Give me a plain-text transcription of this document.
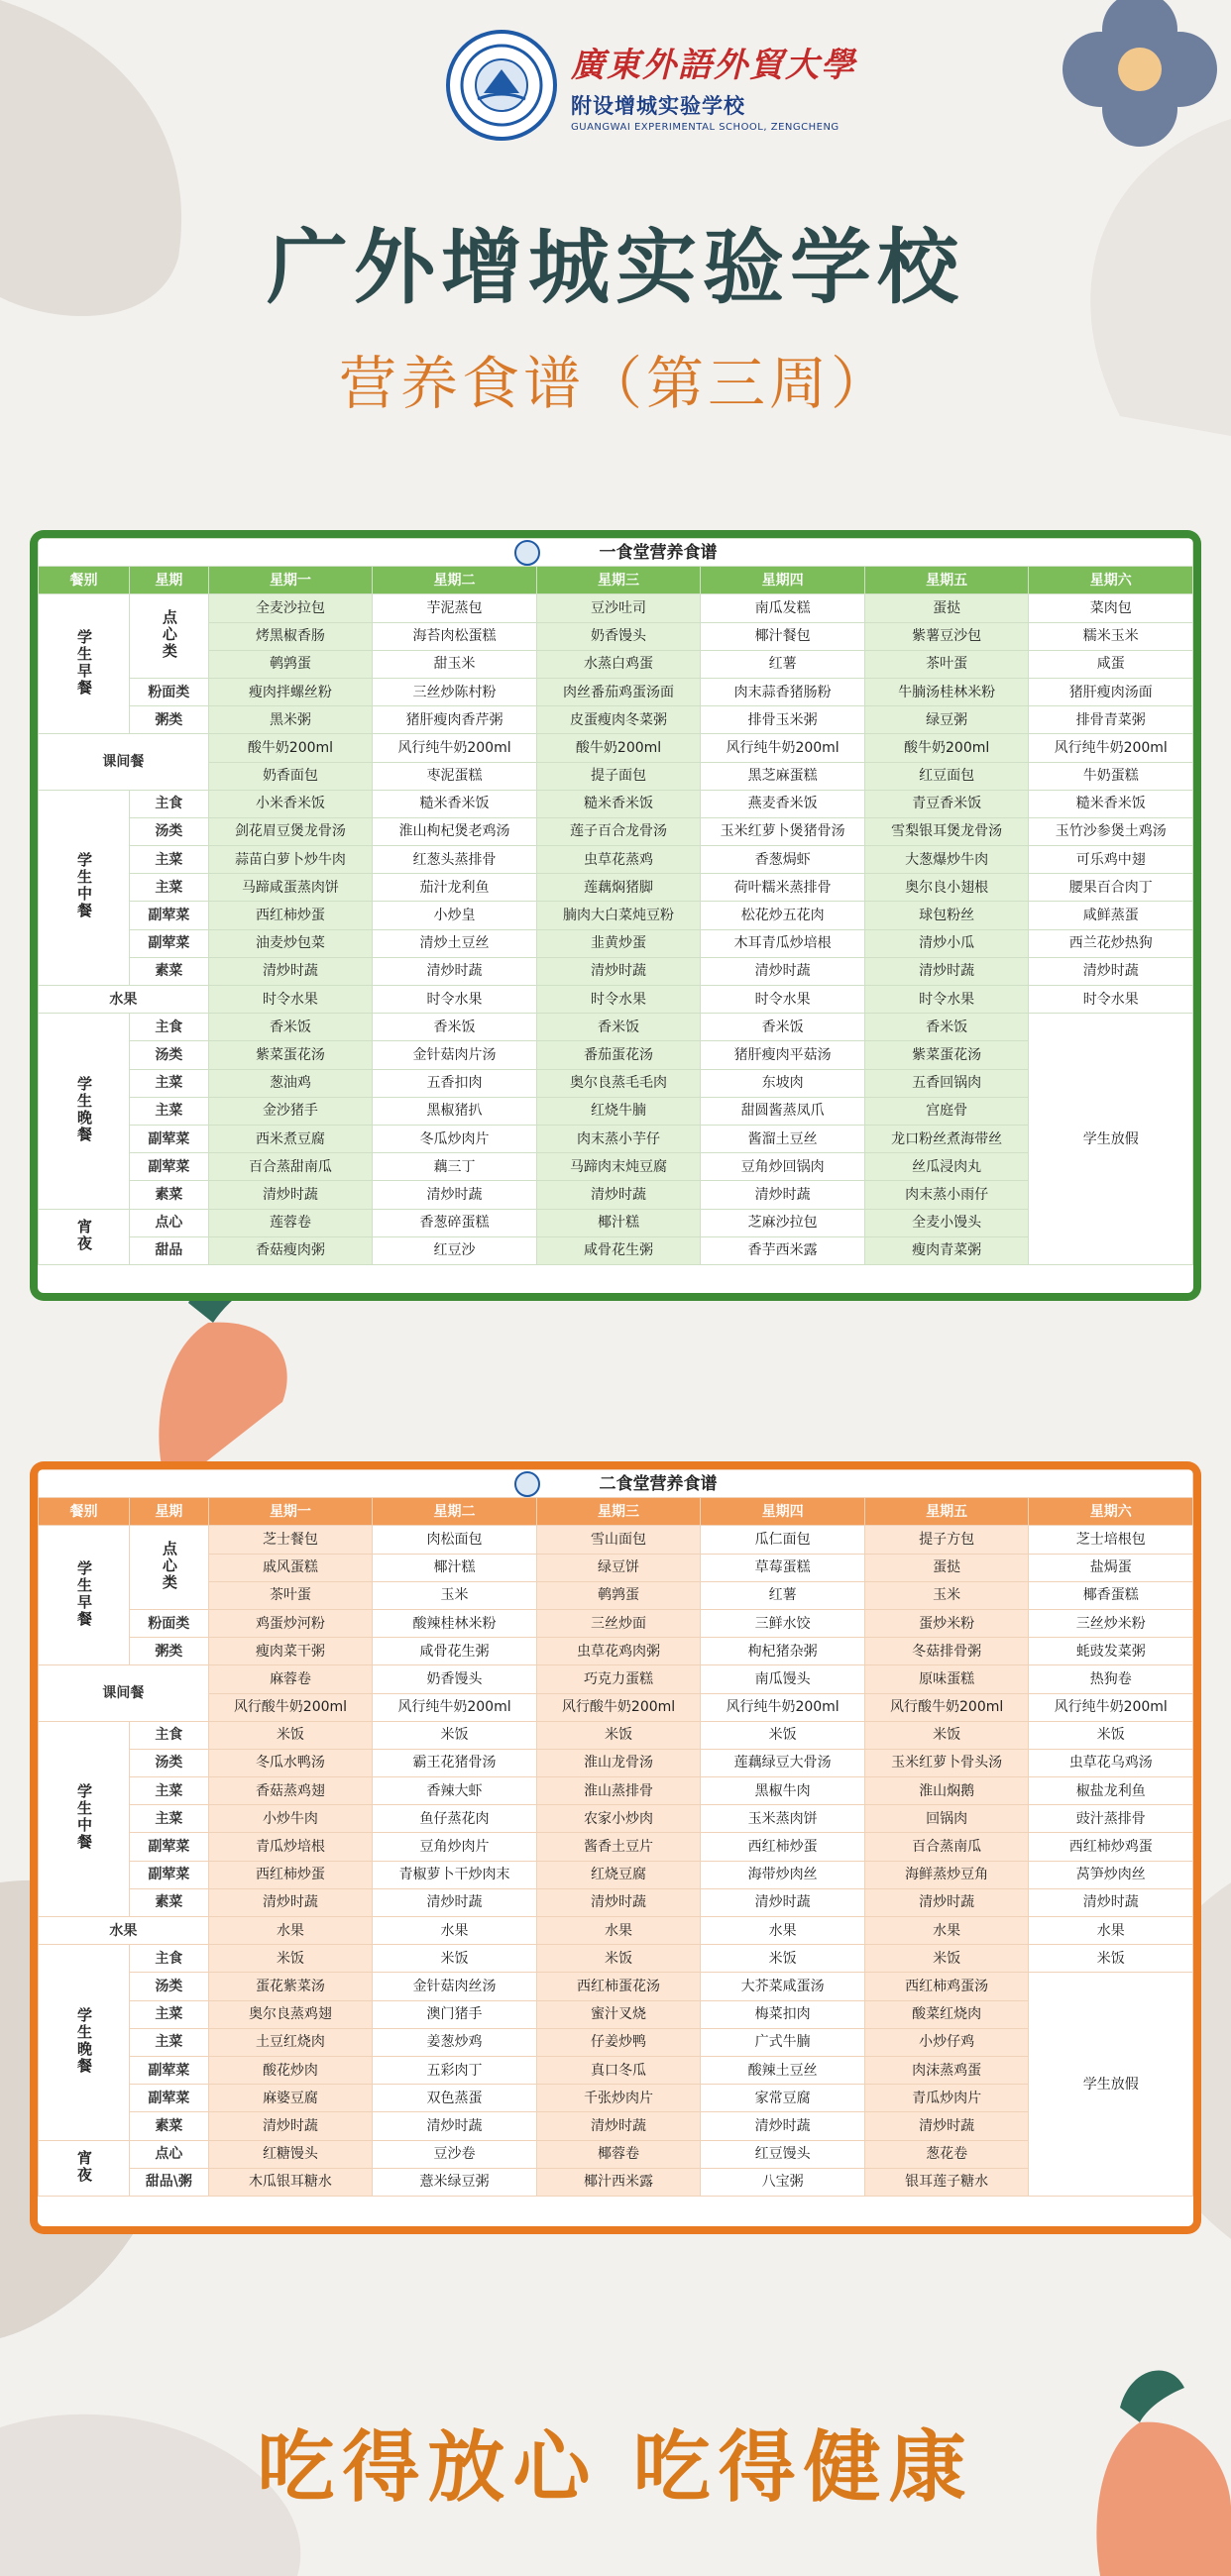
廣東外語外貿大學
附设增城实验学校
GUANGWAI EXPERIMENTAL SCHOOL, ZENGCHENG
广外增城实验学校
营养食谱（第三周）
一食堂营养食谱							
餐别	星期	星期一	星期二	星期三	星期四	星期五	星期六
学生早餐	点心类	全麦沙拉包	芋泥蒸包	豆沙吐司	南瓜发糕	蛋挞	菜肉包
		烤黑椒香肠	海苔肉松蛋糕	奶香馒头	椰汁餐包	紫薯豆沙包	糯米玉米
		鹌鹑蛋	甜玉米	水蒸白鸡蛋	红薯	茶叶蛋	咸蛋
	粉面类	瘦肉拌螺丝粉	三丝炒陈村粉	肉丝番茄鸡蛋汤面	肉末蒜香猪肠粉	牛腩汤桂林米粉	猪肝瘦肉汤面
	粥类	黑米粥	猪肝瘦肉香芹粥	皮蛋瘦肉冬菜粥	排骨玉米粥	绿豆粥	排骨青菜粥
课间餐		酸牛奶200ml	风行纯牛奶200ml	酸牛奶200ml	风行纯牛奶200ml	酸牛奶200ml	风行纯牛奶200ml
		奶香面包	枣泥蛋糕	提子面包	黑芝麻蛋糕	红豆面包	牛奶蛋糕
学生中餐	主食	小米香米饭	糙米香米饭	糙米香米饭	燕麦香米饭	青豆香米饭	糙米香米饭
	汤类	剑花眉豆煲龙骨汤	淮山枸杞煲老鸡汤	莲子百合龙骨汤	玉米红萝卜煲猪骨汤	雪梨银耳煲龙骨汤	玉竹沙参煲土鸡汤
	主菜	蒜苗白萝卜炒牛肉	红葱头蒸排骨	虫草花蒸鸡	香葱焗虾	大葱爆炒牛肉	可乐鸡中翅
	主菜	马蹄咸蛋蒸肉饼	茄汁龙利鱼	莲藕焖猪脚	荷叶糯米蒸排骨	奥尔良小翅根	腰果百合肉丁
	副荤菜	西红柿炒蛋	小炒皇	腩肉大白菜炖豆粉	松花炒五花肉	球包粉丝	咸鲜蒸蛋
	副荤菜	油麦炒包菜	清炒土豆丝	韭黄炒蛋	木耳青瓜炒培根	清炒小瓜	西兰花炒热狗
	素菜	清炒时蔬	清炒时蔬	清炒时蔬	清炒时蔬	清炒时蔬	清炒时蔬
水果		时令水果	时令水果	时令水果	时令水果	时令水果	时令水果
学生晚餐	主食	香米饭	香米饭	香米饭	香米饭	香米饭	学生放假
	汤类	紫菜蛋花汤	金针菇肉片汤	番茄蛋花汤	猪肝瘦肉平菇汤	紫菜蛋花汤	
	主菜	葱油鸡	五香扣肉	奥尔良蒸毛毛肉	东坡肉	五香回锅肉	
	主菜	金沙猪手	黑椒猪扒	红烧牛腩	甜圆酱蒸凤爪	宫庭骨	
	副荤菜	西米煮豆腐	冬瓜炒肉片	肉末蒸小芋仔	酱溜土豆丝	龙口粉丝煮海带丝	
	副荤菜	百合蒸甜南瓜	藕三丁	马蹄肉末炖豆腐	豆角炒回锅肉	丝瓜浸肉丸	
	素菜	清炒时蔬	清炒时蔬	清炒时蔬	清炒时蔬	肉末蒸小雨仔	
宵夜	点心	莲蓉卷	香葱碎蛋糕	椰汁糕	芝麻沙拉包	全麦小馒头	
	甜品	香菇瘦肉粥	红豆沙	咸骨花生粥	香芋西米露	瘦肉青菜粥	
二食堂营养食谱							
餐别	星期	星期一	星期二	星期三	星期四	星期五	星期六
学生早餐	点心类	芝士餐包	肉松面包	雪山面包	瓜仁面包	提子方包	芝士培根包
		戚风蛋糕	椰汁糕	绿豆饼	草莓蛋糕	蛋挞	盐焗蛋
		茶叶蛋	玉米	鹌鹑蛋	红薯	玉米	椰香蛋糕
	粉面类	鸡蛋炒河粉	酸辣桂林米粉	三丝炒面	三鲜水饺	蛋炒米粉	三丝炒米粉
	粥类	瘦肉菜干粥	咸骨花生粥	虫草花鸡肉粥	枸杞猪杂粥	冬菇排骨粥	蚝豉发菜粥
课间餐		麻蓉卷	奶香馒头	巧克力蛋糕	南瓜馒头	原味蛋糕	热狗卷
		风行酸牛奶200ml	风行纯牛奶200ml	风行酸牛奶200ml	风行纯牛奶200ml	风行酸牛奶200ml	风行纯牛奶200ml
学生中餐	主食	米饭	米饭	米饭	米饭	米饭	米饭
	汤类	冬瓜水鸭汤	霸王花猪骨汤	淮山龙骨汤	莲藕绿豆大骨汤	玉米红萝卜骨头汤	虫草花乌鸡汤
	主菜	香菇蒸鸡翅	香辣大虾	淮山蒸排骨	黑椒牛肉	淮山焖鹅	椒盐龙利鱼
	主菜	小炒牛肉	鱼仔蒸花肉	农家小炒肉	玉米蒸肉饼	回锅肉	豉汁蒸排骨
	副荤菜	青瓜炒培根	豆角炒肉片	酱香土豆片	西红柿炒蛋	百合蒸南瓜	西红柿炒鸡蛋
	副荤菜	西红柿炒蛋	青椒萝卜干炒肉末	红烧豆腐	海带炒肉丝	海鲜蒸炒豆角	莴笋炒肉丝
	素菜	清炒时蔬	清炒时蔬	清炒时蔬	清炒时蔬	清炒时蔬	清炒时蔬
水果		水果	水果	水果	水果	水果	水果
学生晚餐	主食	米饭	米饭	米饭	米饭	米饭	米饭
	汤类	蛋花紫菜汤	金针菇肉丝汤	西红柿蛋花汤	大芥菜咸蛋汤	西红柿鸡蛋汤	学生放假
	主菜	奥尔良蒸鸡翅	澳门猪手	蜜汁叉烧	梅菜扣肉	酸菜红烧肉	
	主菜	土豆红烧肉	姜葱炒鸡	仔姜炒鸭	广式牛腩	小炒仔鸡	
	副荤菜	酸花炒肉	五彩肉丁	真口冬瓜	酸辣土豆丝	肉沫蒸鸡蛋	
	副荤菜	麻婆豆腐	双色蒸蛋	千张炒肉片	家常豆腐	青瓜炒肉片	
	素菜	清炒时蔬	清炒时蔬	清炒时蔬	清炒时蔬	清炒时蔬	
宵夜	点心	红糖馒头	豆沙卷	椰蓉卷	红豆馒头	葱花卷	
	甜品\粥	木瓜银耳糖水	薏米绿豆粥	椰汁西米露	八宝粥	银耳莲子糖水	
吃得放心 吃得健康
